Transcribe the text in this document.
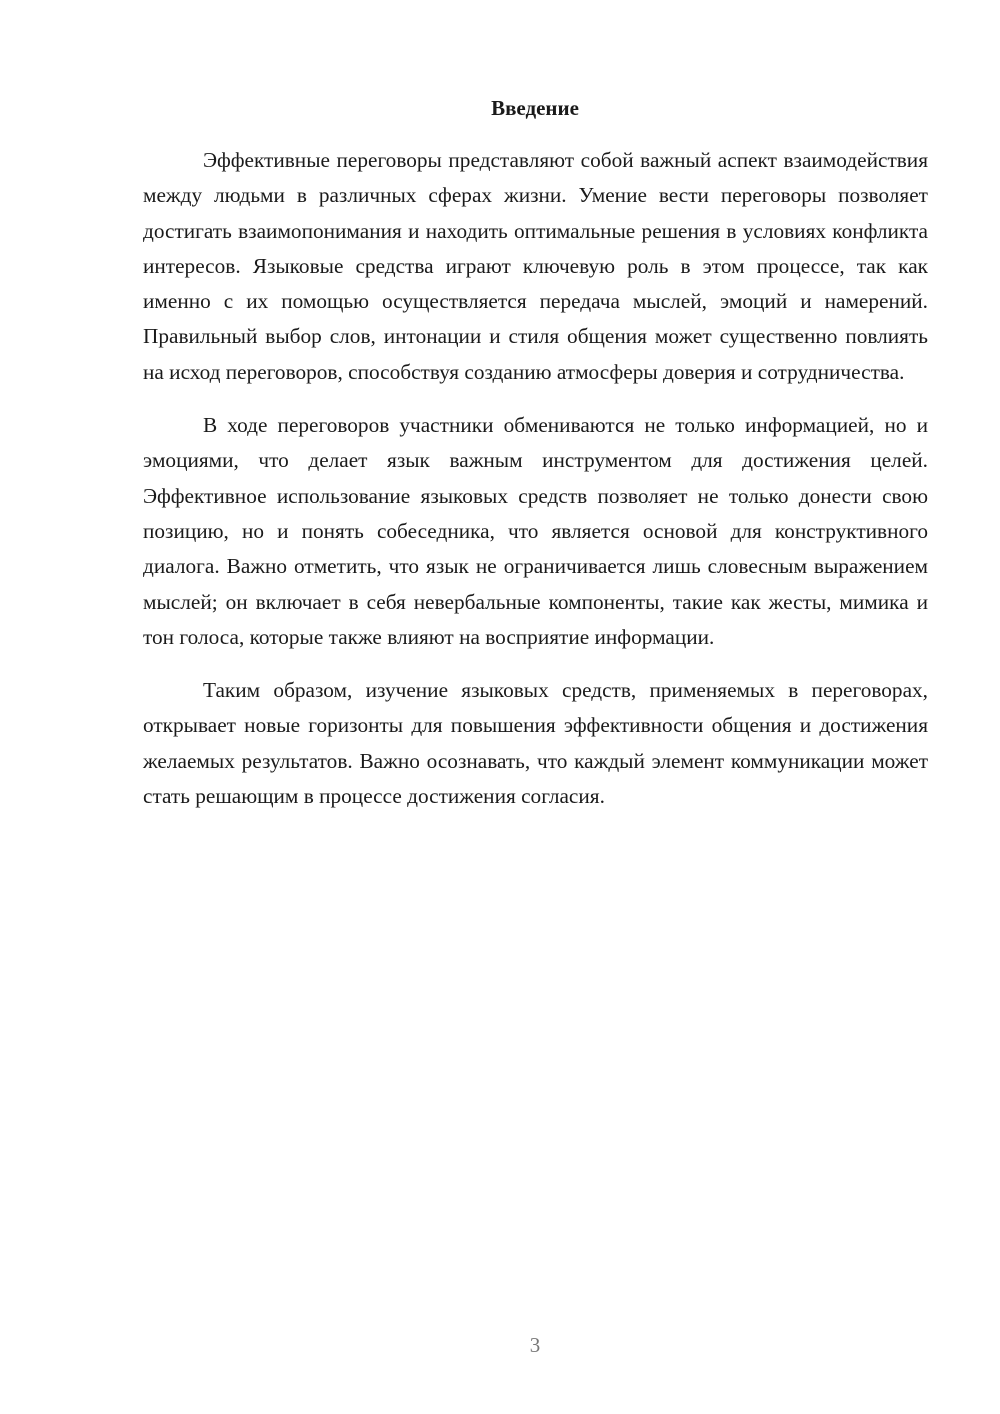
Введение

Эффективные переговоры представляют собой важный аспект взаимодействия между людьми в различных сферах жизни. Умение вести переговоры позволяет достигать взаимопонимания и находить оптимальные решения в условиях конфликта интересов. Языковые средства играют ключевую роль в этом процессе, так как именно с их помощью осуществляется передача мыслей, эмоций и намерений. Правильный выбор слов, интонации и стиля общения может существенно повлиять на исход переговоров, способствуя созданию атмосферы доверия и сотрудничества.

В ходе переговоров участники обмениваются не только информацией, но и эмоциями, что делает язык важным инструментом для достижения целей. Эффективное использование языковых средств позволяет не только донести свою позицию, но и понять собеседника, что является основой для конструктивного диалога. Важно отметить, что язык не ограничивается лишь словесным выражением мыслей; он включает в себя невербальные компоненты, такие как жесты, мимика и тон голоса, которые также влияют на восприятие информации.

Таким образом, изучение языковых средств, применяемых в переговорах, открывает новые горизонты для повышения эффективности общения и достижения желаемых результатов. Важно осознавать, что каждый элемент коммуникации может стать решающим в процессе достижения согласия.

3
